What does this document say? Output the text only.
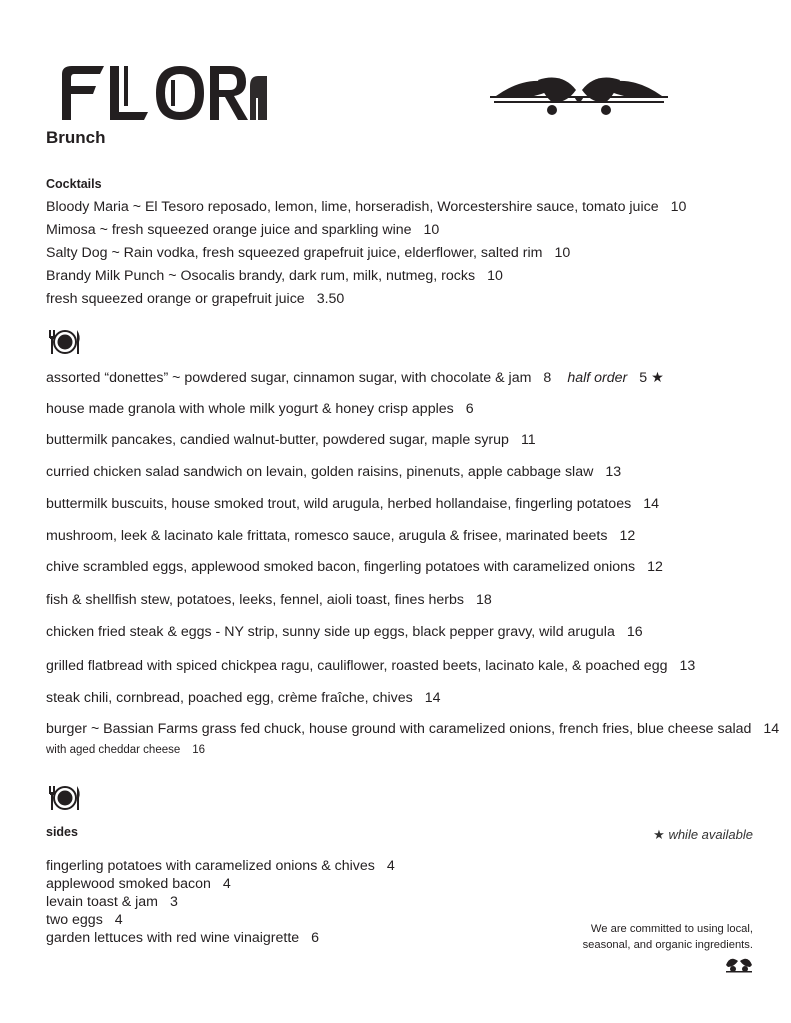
Brunch
Cocktails
Bloody Maria ~ El Tesoro reposado, lemon, lime, horseradish, Worcestershire sauce, tomato juice 10
Mimosa ~ fresh squeezed orange juice and sparkling wine 10
Salty Dog ~ Rain vodka, fresh squeezed grapefruit juice, elderflower, salted rim 10
Brandy Milk Punch ~ Osocalis brandy, dark rum, milk, nutmeg, rocks 10
fresh squeezed orange or grapefruit juice 3.50
assorted “donettes” ~ powdered sugar, cinnamon sugar, with chocolate & jam 8 half order 5 ★
house made granola with whole milk yogurt & honey crisp apples 6
buttermilk pancakes, candied walnut-butter, powdered sugar, maple syrup 11
curried chicken salad sandwich on levain, golden raisins, pinenuts, apple cabbage slaw 13
buttermilk buscuits, house smoked trout, wild arugula, herbed hollandaise, fingerling potatoes 14
mushroom, leek & lacinato kale frittata, romesco sauce, arugula & frisee, marinated beets 12
chive scrambled eggs, applewood smoked bacon, fingerling potatoes with caramelized onions 12
fish & shellfish stew, potatoes, leeks, fennel, aioli toast, fines herbs 18
chicken fried steak & eggs - NY strip, sunny side up eggs, black pepper gravy, wild arugula 16
grilled flatbread with spiced chickpea ragu, cauliflower, roasted beets, lacinato kale, & poached egg 13
steak chili, cornbread, poached egg, crème fraîche, chives 14
burger ~ Bassian Farms grass fed chuck, house ground with caramelized onions, french fries, blue cheese salad 14
with aged cheddar cheese 16
sides	★ while available
fingerling potatoes with caramelized onions & chives 4
applewood smoked bacon 4
levain toast & jam 3
two eggs 4
garden lettuces with red wine vinaigrette 6
We are committed to using local,
seasonal, and organic ingredients.
